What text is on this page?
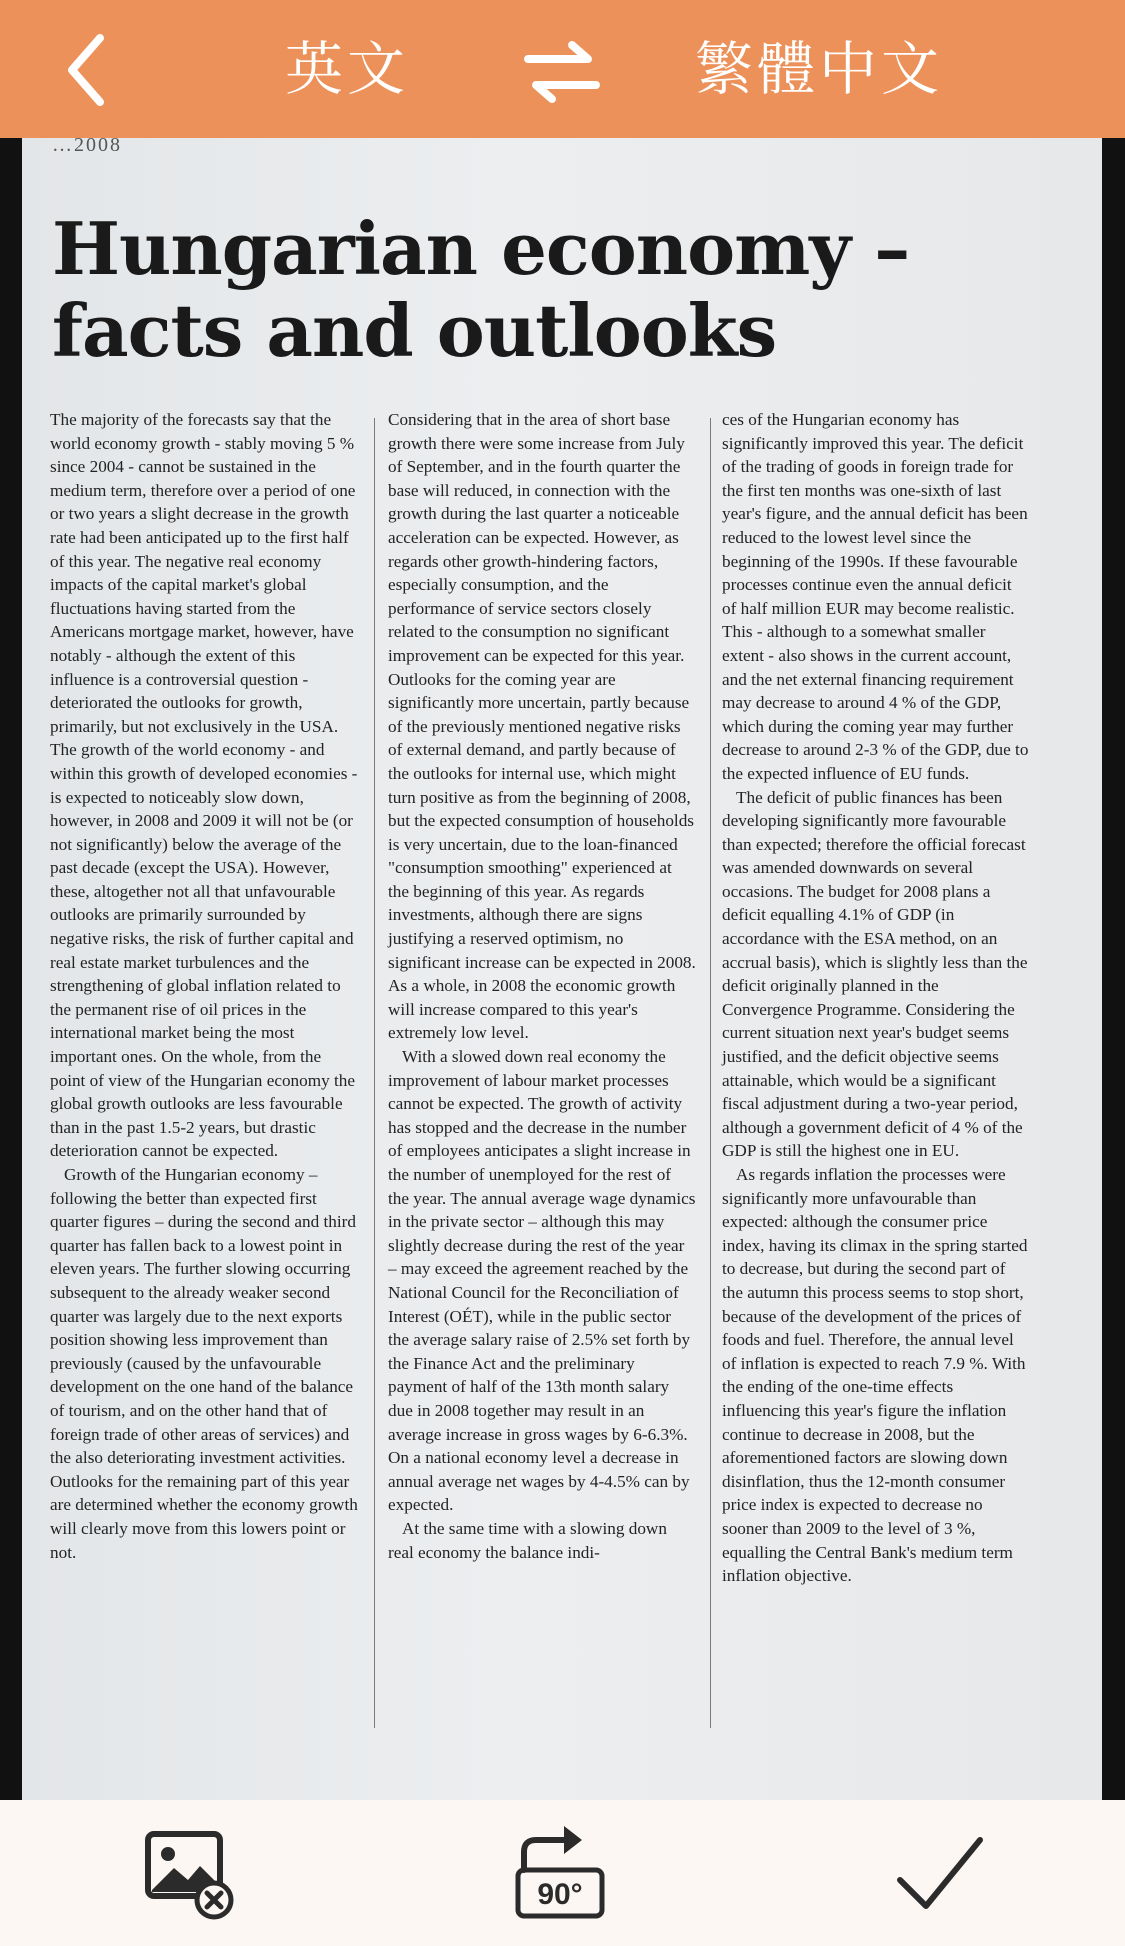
英文	繁體中文
…2008
Hungarian economy – facts and outlooks

The majority of the forecasts say that the world economy growth - stably moving 5 % since 2004 - cannot be sustained in the medium term, therefore over a period of one or two years a slight decrease in the growth rate had been anticipated up to the first half of this year. The negative real economy impacts of the capital market's global fluctuations having started from the Americans mortgage market, however, have notably - although the extent of this influence is a controversial question - deteriorated the outlooks for growth, primarily, but not exclusively in the USA. The growth of the world economy - and within this growth of developed economies - is expected to noticeably slow down, however, in 2008 and 2009 it will not be (or not significantly) below the average of the past decade (except the USA). However, these, altogether not all that unfavourable outlooks are primarily surrounded by negative risks, the risk of further capital and real estate market turbulences and the strengthening of global inflation related to the permanent rise of oil prices in the international market being the most important ones. On the whole, from the point of view of the Hungarian economy the global growth outlooks are less favourable than in the past 1.5-2 years, but drastic deterioration cannot be expected.

Growth of the Hungarian economy – following the better than expected first quarter figures – during the second and third quarter has fallen back to a lowest point in eleven years. The further slowing occurring subsequent to the already weaker second quarter was largely due to the next exports position showing less improvement than previously (caused by the unfavourable development on the one hand of the balance of tourism, and on the other hand that of foreign trade of other areas of services) and the also deteriorating investment activities. Outlooks for the remaining part of this year are determined whether the economy growth will clearly move from this lowers point or not.

Considering that in the area of short base growth there were some increase from July of September, and in the fourth quarter the base will reduced, in connection with the growth during the last quarter a noticeable acceleration can be expected. However, as regards other growth-hindering factors, especially consumption, and the performance of service sectors closely related to the consumption no significant improvement can be expected for this year. Outlooks for the coming year are significantly more uncertain, partly because of the previously mentioned negative risks of external demand, and partly because of the outlooks for internal use, which might turn positive as from the beginning of 2008, but the expected consumption of households is very uncertain, due to the loan-financed "consumption smoothing" experienced at the beginning of this year. As regards investments, although there are signs justifying a reserved optimism, no significant increase can be expected in 2008. As a whole, in 2008 the economic growth will increase compared to this year's extremely low level.

With a slowed down real economy the improvement of labour market processes cannot be expected. The growth of activity has stopped and the decrease in the number of employees anticipates a slight increase in the number of unemployed for the rest of the year. The annual average wage dynamics in the private sector – although this may slightly decrease during the rest of the year – may exceed the agreement reached by the National Council for the Reconciliation of Interest (OÉT), while in the public sector the average salary raise of 2.5% set forth by the Finance Act and the preliminary payment of half of the 13th month salary due in 2008 together may result in an average increase in gross wages by 6-6.3%. On a national economy level a decrease in annual average net wages by 4-4.5% can by expected.

At the same time with a slowing down real economy the balance indi-

ces of the Hungarian economy has significantly improved this year. The deficit of the trading of goods in foreign trade for the first ten months was one-sixth of last year's figure, and the annual deficit has been reduced to the lowest level since the beginning of the 1990s. If these favourable processes continue even the annual deficit of half million EUR may become realistic. This - although to a somewhat smaller extent - also shows in the current account, and the net external financing requirement may decrease to around 4 % of the GDP, which during the coming year may further decrease to around 2-3 % of the GDP, due to the expected influence of EU funds.

The deficit of public finances has been developing significantly more favourable than expected; therefore the official forecast was amended downwards on several occasions. The budget for 2008 plans a deficit equalling 4.1% of GDP (in accordance with the ESA method, on an accrual basis), which is slightly less than the deficit originally planned in the Convergence Programme. Considering the current situation next year's budget seems justified, and the deficit objective seems attainable, which would be a significant fiscal adjustment during a two-year period, although a government deficit of 4 % of the GDP is still the highest one in EU.

As regards inflation the processes were significantly more unfavourable than expected: although the consumer price index, having its climax in the spring started to decrease, but during the second part of the autumn this process seems to stop short, because of the development of the prices of foods and fuel. Therefore, the annual level of inflation is expected to reach 7.9 %. With the ending of the one-time effects influencing this year's figure the inflation continue to decrease in 2008, but the aforementioned factors are slowing down disinflation, thus the 12-month consumer price index is expected to decrease no sooner than 2009 to the level of 3 %, equalling the Central Bank's medium term inflation objective.

90°
